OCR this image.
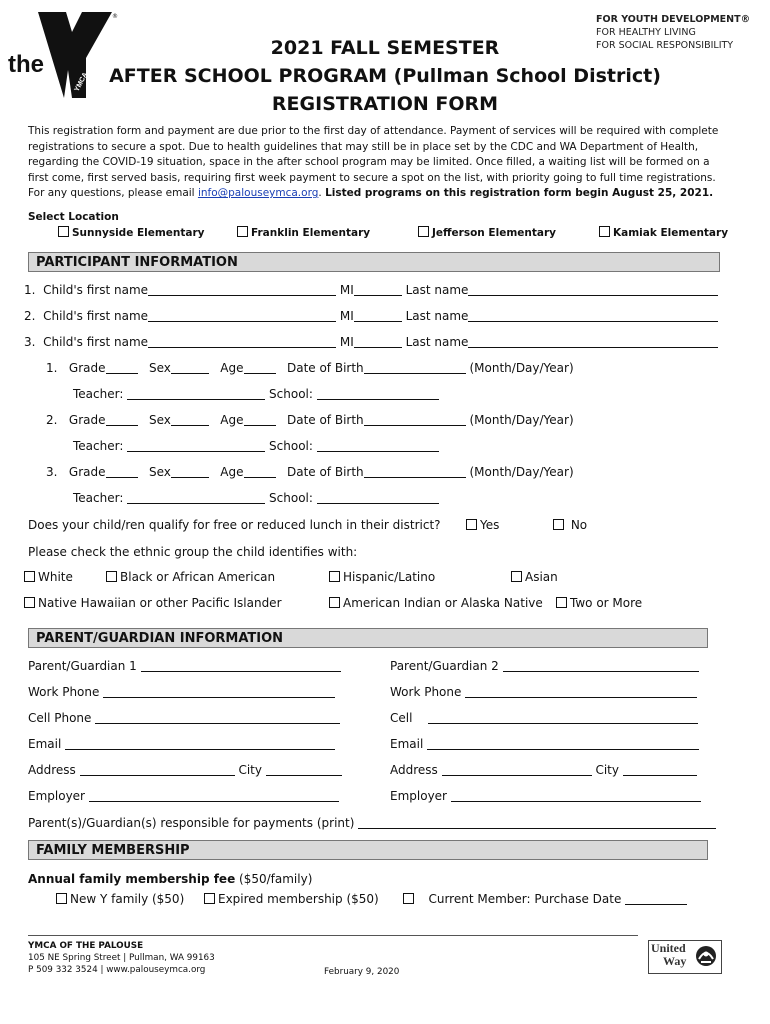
the
YMCA
®	FOR YOUTH DEVELOPMENT®
FOR HEALTHY LIVING
FOR SOCIAL RESPONSIBILITY
2021 FALL SEMESTER
AFTER SCHOOL PROGRAM (Pullman School District)
REGISTRATION FORM
This registration form and payment are due prior to the first day of attendance. Payment of services will be required with complete registrations to secure a spot. Due to health guidelines that may still be in place set by the CDC and WA Department of Health, regarding the COVID-19 situation, space in the after school program may be limited. Once filled, a waiting list will be formed on a first come, first served basis, requiring first week payment to secure a spot on the list, with priority going to full time registrations. For any questions, please email info@palouseymca.org. Listed programs on this registration form begin August 25, 2021.
Select Location
Sunnyside Elementary	Franklin Elementary	Jefferson Elementary	Kamiak Elementary
PARTICIPANT INFORMATION
1. Child's first name	MI	Last name
2. Child's first name	MI	Last name
3. Child's first name	MI	Last name
1. Grade	Sex	Age	Date of Birth	(Month/Day/Year)
Teacher:	School:
2. Grade	Sex	Age	Date of Birth	(Month/Day/Year)
Teacher:	School:
3. Grade	Sex	Age	Date of Birth	(Month/Day/Year)
Teacher:	School:
Does your child/ren qualify for free or reduced lunch in their district?	Yes	No
Please check the ethnic group the child identifies with:
White	Black or African American	Hispanic/Latino	Asian
Native Hawaiian or other Pacific Islander	American Indian or Alaska Native	Two or More
PARENT/GUARDIAN INFORMATION
Parent/Guardian 1
Work Phone
Cell Phone
Email
Address	City
Employer
Parent/Guardian 2
Work Phone
Cell
Email
Address	City
Employer
Parent(s)/Guardian(s) responsible for payments (print)
FAMILY MEMBERSHIP
Annual family membership fee ($50/family)
New Y family ($50)	Expired membership ($50)	Current Member: Purchase Date
YMCA OF THE PALOUSE
105 NE Spring Street | Pullman, WA 99163
P 509 332 3524 | www.palouseymca.org	February 9, 2020
United
Way
